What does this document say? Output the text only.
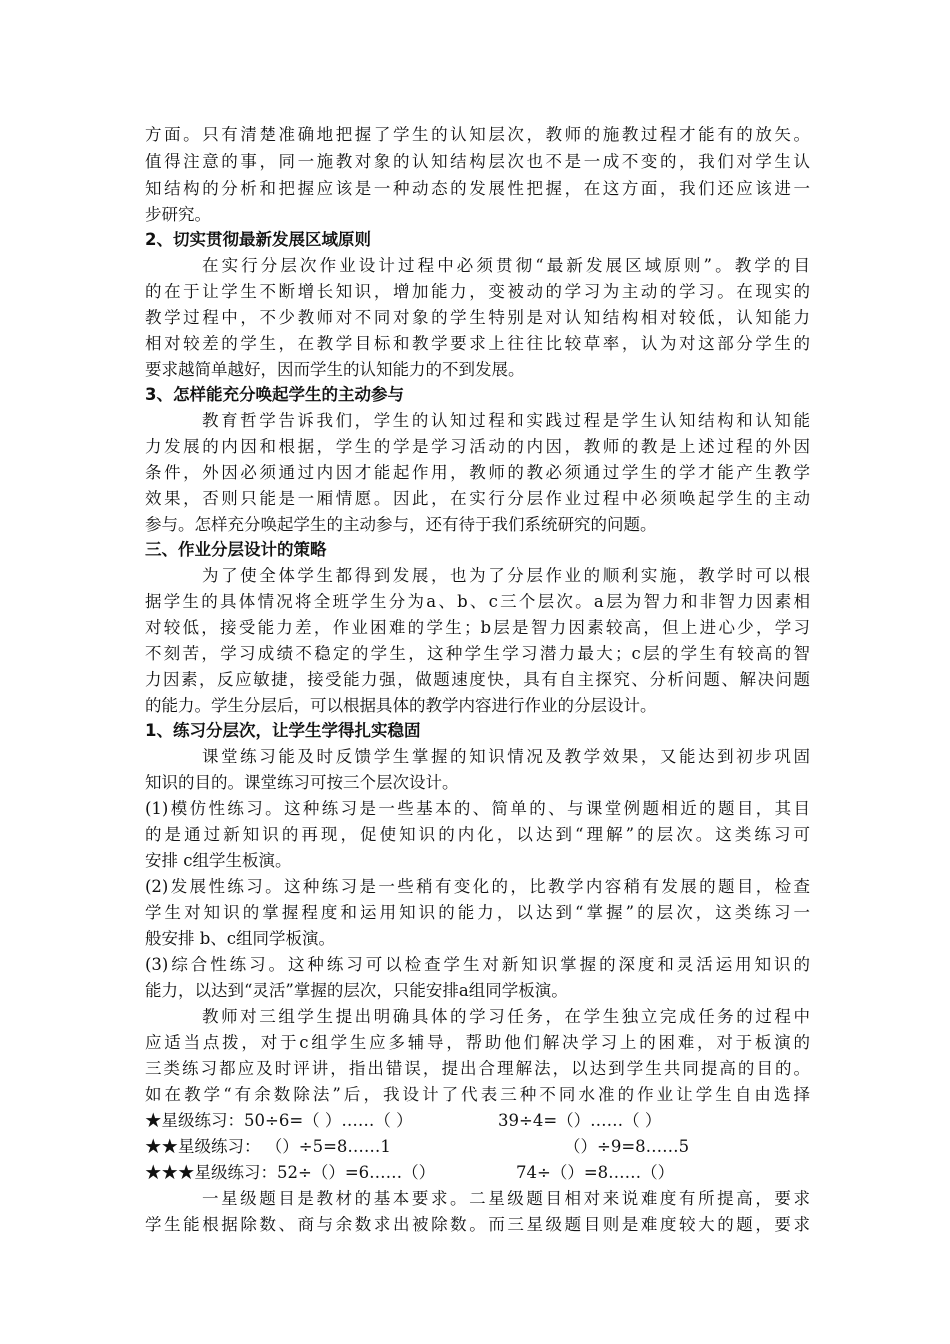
方面。只有清楚准确地把握了学生的认知层次，教师的施教过程才能有的放矢。
值得注意的事，同一施教对象的认知结构层次也不是一成不变的，我们对学生认
知结构的分析和把握应该是一种动态的发展性把握，在这方面，我们还应该进一
步研究。
2、切实贯彻最新发展区域原则
在实行分层次作业设计过程中必须贯彻“最新发展区域原则”。教学的目
的在于让学生不断增长知识，增加能力，变被动的学习为主动的学习。在现实的
教学过程中，不少教师对不同对象的学生特别是对认知结构相对较低，认知能力
相对较差的学生，在教学目标和教学要求上往往比较草率，认为对这部分学生的
要求越简单越好，因而学生的认知能力的不到发展。
3、怎样能充分唤起学生的主动参与
教育哲学告诉我们，学生的认知过程和实践过程是学生认知结构和认知能
力发展的内因和根据，学生的学是学习活动的内因，教师的教是上述过程的外因
条件，外因必须通过内因才能起作用，教师的教必须通过学生的学才能产生教学
效果，否则只能是一厢情愿。因此，在实行分层作业过程中必须唤起学生的主动
参与。怎样充分唤起学生的主动参与，还有待于我们系统研究的问题。
三、作业分层设计的策略
为了使全体学生都得到发展，也为了分层作业的顺利实施，教学时可以根
据学生的具体情况将全班学生分为a、b、c三个层次。a层为智力和非智力因素相
对较低，接受能力差，作业困难的学生；b层是智力因素较高，但上进心少，学习
不刻苦，学习成绩不稳定的学生，这种学生学习潜力最大；c层的学生有较高的智
力因素，反应敏捷，接受能力强，做题速度快，具有自主探究、分析问题、解决问题
的能力。学生分层后，可以根据具体的教学内容进行作业的分层设计。
1、练习分层次，让学生学得扎实稳固
课堂练习能及时反馈学生掌握的知识情况及教学效果，又能达到初步巩固
知识的目的。课堂练习可按三个层次设计。
(1)模仿性练习。这种练习是一些基本的、简单的、与课堂例题相近的题目，其目
的是通过新知识的再现，促使知识的内化，以达到“理解”的层次。这类练习可
安排 c组学生板演。
(2)发展性练习。这种练习是一些稍有变化的，比教学内容稍有发展的题目，检查
学生对知识的掌握程度和运用知识的能力，以达到“掌握”的层次，这类练习一
般安排 b、c组同学板演。
(3)综合性练习。这种练习可以检查学生对新知识掌握的深度和灵活运用知识的
能力，以达到“灵活”掌握的层次，只能安排a组同学板演。
教师对三组学生提出明确具体的学习任务，在学生独立完成任务的过程中
应适当点拨，对于c组学生应多辅导，帮助他们解决学习上的困难，对于板演的
三类练习都应及时评讲，指出错误，提出合理解法，以达到学生共同提高的目的。
如在教学“有余数除法”后，我设计了代表三种不同水准的作业让学生自由选择
★星级练习：50÷6=（ ）……（ ）	39÷4=（）……（ ）
★★星级练习： （）÷5=8……1	（）÷9=8……5
★★★星级练习：52÷（）=6……（）	74÷（）=8……（）
一星级题目是教材的基本要求。二星级题目相对来说难度有所提高，要求
学生能根据除数、商与余数求出被除数。而三星级题目则是难度较大的题，要求
